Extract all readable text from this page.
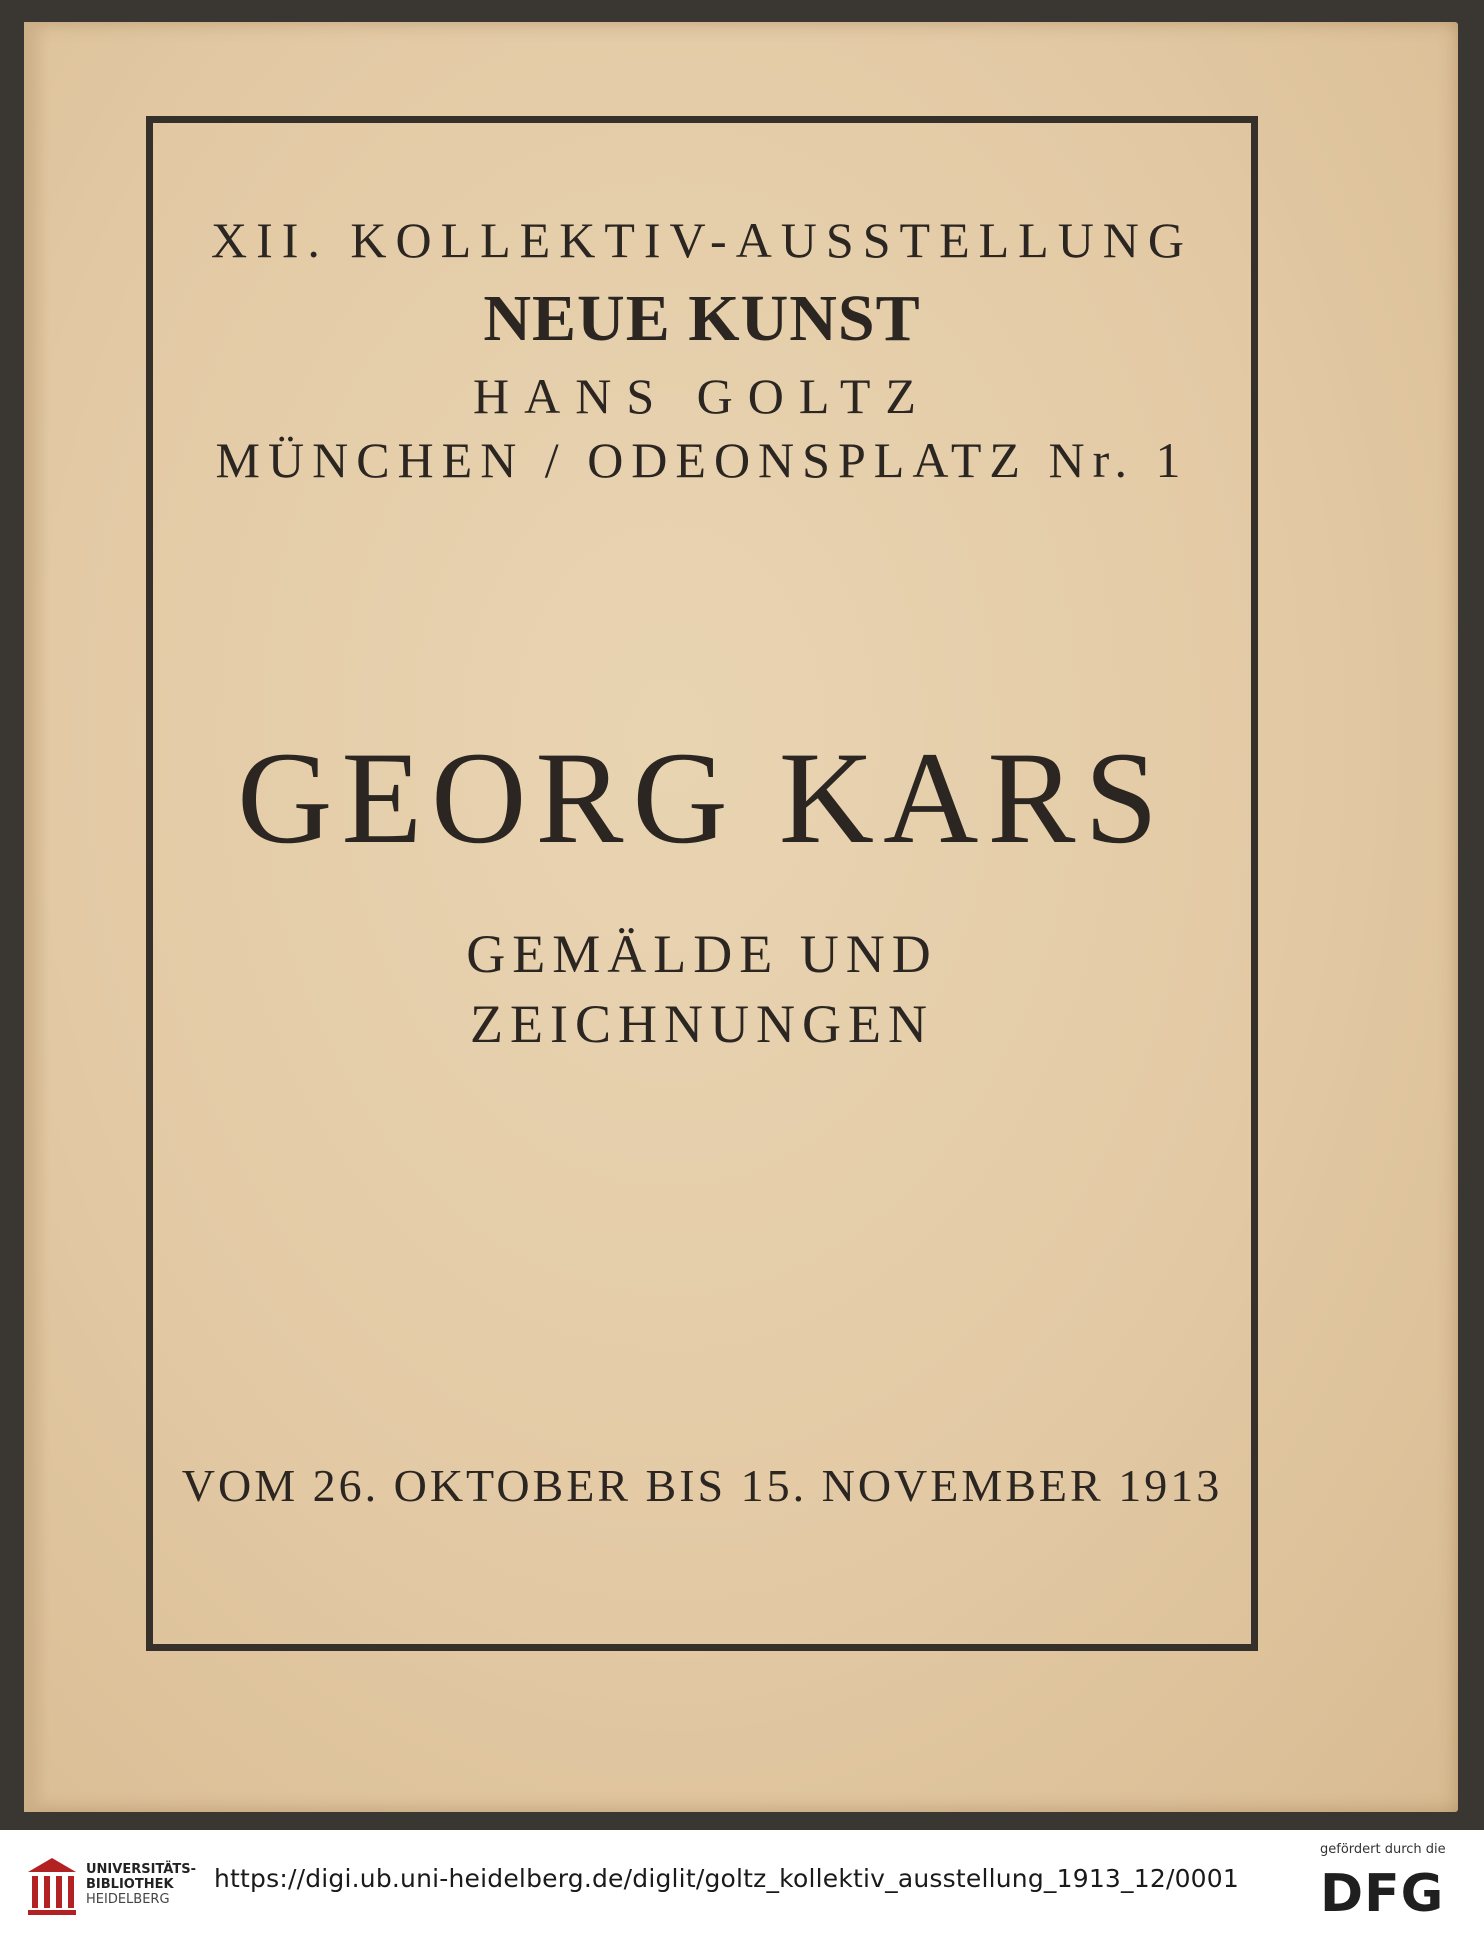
XII. KOLLEKTIV-AUSSTELLUNG
NEUE KUNST
HANS GOLTZ
MÜNCHEN / ODEONSPLATZ Nr. 1
GEORG KARS
GEMÄLDE UND
ZEICHNUNGEN
VOM 26. OKTOBER BIS 15. NOVEMBER 1913
UNIVERSITÄTS-
BIBLIOTHEK
HEIDELBERG
https://digi.ub.uni-heidelberg.de/diglit/goltz_kollektiv_ausstellung_1913_12/0001
gefördert durch die
DFG
